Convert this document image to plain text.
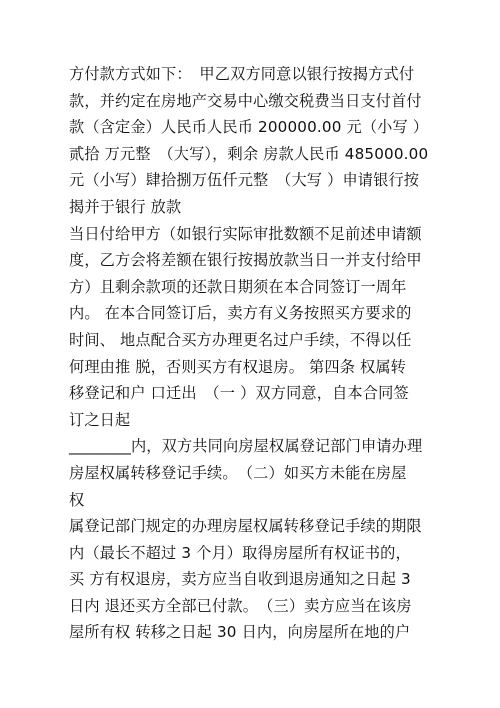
方付款方式如下：　甲乙双方同意以银行按揭方式付
款，并约定在房地产交易中心缴交税费当日支付首付
款（含定金）人民币人民币 200000.00 元（小写 ）
贰拾 万元整　（大写），剩余 房款人民币 485000.00
元（小写）肆拾捌万伍仟元整　（大写 ）申请银行按
揭并于银行 放款
当日付给甲方（如银行实际审批数额不足前述申请额
度，乙方会将差额在银行按揭放款当日一并支付给甲
方）且剩余款项的还款日期须在本合同签订一周年
内。 在本合同签订后，卖方有义务按照买方要求的
时间、 地点配合买方办理更名过户手续，不得以任
何理由推 脱，否则买方有权退房。 第四条 权属转
移登记和户 口迁出　（一 ）双方同意，自本合同签
订之日起
________内，双方共同向房屋权属登记部门申请办理
房屋权属转移登记手续。　（二）如买方未能在房屋
权
属登记部门规定的办理房屋权属转移登记手续的期限
内（最长不超过 3 个月）取得房屋所有权证书的，
买 方有权退房，卖方应当自收到退房通知之日起 3
日内 退还买方全部已付款。　（三）卖方应当在该房
屋所有权 转移之日起 30 日内，向房屋所在地的户
